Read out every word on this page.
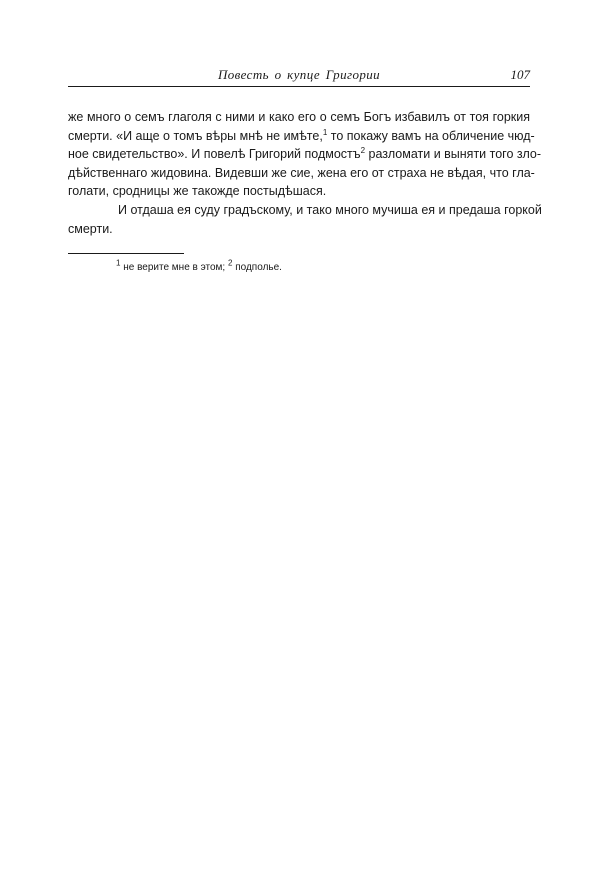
Повесть о купце Григории	107
же много о семъ глаголя с ними и како его о семъ Богъ избавилъ от тоя горкия
смерти. «И аще о томъ вѣры мнѣ не имѣте,$^1$ то покажу вамъ на обличение чюд-
ное свидетельство». И повелѣ Григорий подмостъ$^2$ разломати и выняти того зло-
дѣйственнаго жидовина. Видевши же сие, жена его от страха не вѣдая, что гла-
голати, сродницы же такожде постыдѣшася.
И отдаша ея суду градъскому, и тако много мучиша ея и предаша горкой
смерти.
$^1$ не верите мне в этом; $^2$ подполье.
